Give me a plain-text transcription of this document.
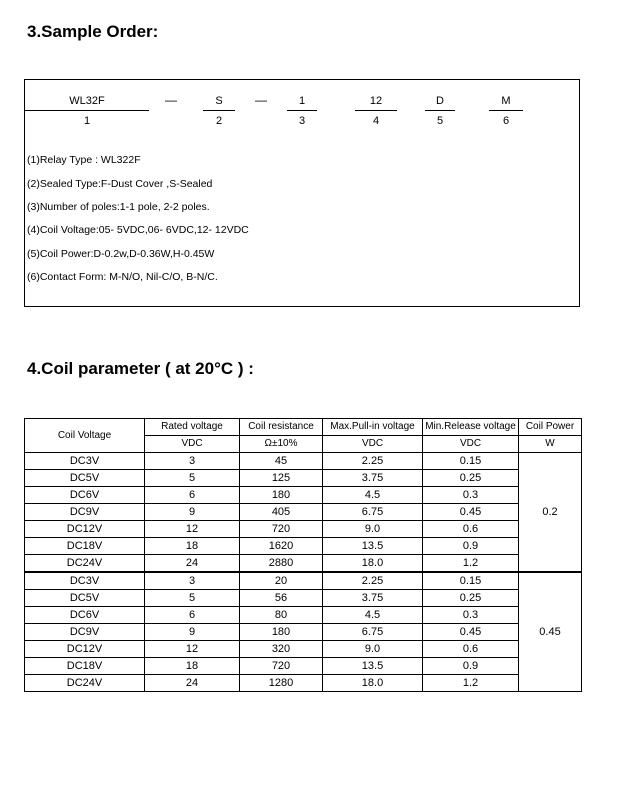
3.Sample Order:
WL32F
1
—	S
2
—	1
3
12
4
D
5
M
6
(1)Relay Type : WL322F
(2)Sealed Type:F-Dust Cover ,S-Sealed
(3)Number of poles:1-1 pole, 2-2 poles.
(4)Coil Voltage:05- 5VDC,06- 6VDC,12- 12VDC
(5)Coil Power:D-0.2w,D-0.36W,H-0.45W
(6)Contact Form: M-N/O, Nil-C/O, B-N/C.
4.Coil parameter ( at 20°C ) :
Coil Voltage	Rated voltage	Coil resistance	Max.Pull-in voltage	Min.Release voltage	Coil Power
	VDC	Ω±10%	VDC	VDC	W
DC3V	3	45	2.25	0.15	0.2
DC5V	5	125	3.75	0.25	
DC6V	6	180	4.5	0.3	
DC9V	9	405	6.75	0.45	
DC12V	12	720	9.0	0.6	
DC18V	18	1620	13.5	0.9	
DC24V	24	2880	18.0	1.2	
DC3V	3	20	2.25	0.15	0.45
DC5V	5	56	3.75	0.25	
DC6V	6	80	4.5	0.3	
DC9V	9	180	6.75	0.45	
DC12V	12	320	9.0	0.6	
DC18V	18	720	13.5	0.9	
DC24V	24	1280	18.0	1.2	
